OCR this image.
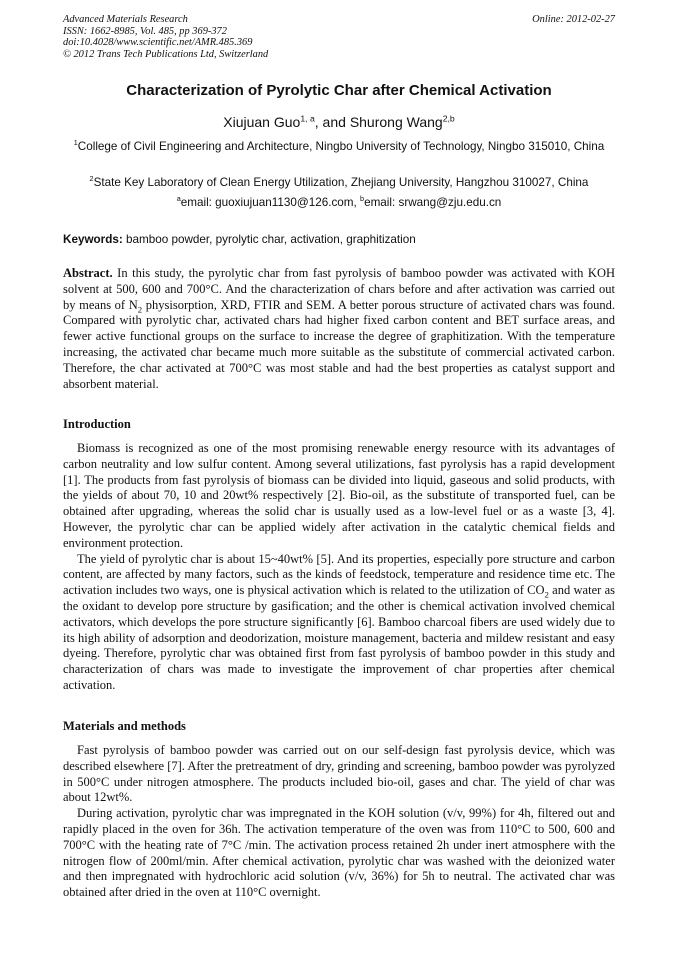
Advanced Materials Research
ISSN: 1662-8985, Vol. 485, pp 369-372
doi:10.4028/www.scientific.net/AMR.485.369
© 2012 Trans Tech Publications Ltd, Switzerland
Online: 2012-02-27
Characterization of Pyrolytic Char after Chemical Activation
Xiujuan Guo$^{1, a}$, and Shurong Wang$^{2,b}$
$^1$College of Civil Engineering and Architecture, Ningbo University of Technology, Ningbo 315010, China
$^2$State Key Laboratory of Clean Energy Utilization, Zhejiang University, Hangzhou 310027, China
$^a$email: guoxiujuan1130@126.com, $^b$email: srwang@zju.edu.cn
Keywords: bamboo powder, pyrolytic char, activation, graphitization

Abstract. In this study, the pyrolytic char from fast pyrolysis of bamboo powder was activated with KOH solvent at 500, 600 and 700°C. And the characterization of chars before and after activation was carried out by means of $N_2$ physisorption, XRD, FTIR and SEM. A better porous structure of activated chars was found. Compared with pyrolytic char, activated chars had higher fixed carbon content and BET surface areas, and fewer active functional groups on the surface to increase the degree of graphitization. With the temperature increasing, the activated char became much more suitable as the substitute of commercial activated carbon. Therefore, the char activated at 700°C was most stable and had the best properties as catalyst support and absorbent material.

Introduction

Biomass is recognized as one of the most promising renewable energy resource with its advantages of carbon neutrality and low sulfur content. Among several utilizations, fast pyrolysis has a rapid development [1]. The products from fast pyrolysis of biomass can be divided into liquid, gaseous and solid products, with the yields of about 70, 10 and 20wt% respectively [2]. Bio-oil, as the substitute of transported fuel, can be obtained after upgrading, whereas the solid char is usually used as a low-level fuel or as a waste [3, 4]. However, the pyrolytic char can be applied widely after activation in the catalytic chemical fields and environment protection.

The yield of pyrolytic char is about 15~40wt% [5]. And its properties, especially pore structure and carbon content, are affected by many factors, such as the kinds of feedstock, temperature and residence time etc. The activation includes two ways, one is physical activation which is related to the utilization of $CO_2$ and water as the oxidant to develop pore structure by gasification; and the other is chemical activation involved chemical activators, which develops the pore structure significantly [6]. Bamboo charcoal fibers are used widely due to its high ability of adsorption and deodorization, moisture management, bacteria and mildew resistant and easy dyeing. Therefore, pyrolytic char was obtained first from fast pyrolysis of bamboo powder in this study and characterization of chars was made to investigate the improvement of char properties after chemical activation.

Materials and methods

Fast pyrolysis of bamboo powder was carried out on our self-design fast pyrolysis device, which was described elsewhere [7]. After the pretreatment of dry, grinding and screening, bamboo powder was pyrolyzed in 500°C under nitrogen atmosphere. The products included bio-oil, gases and char. The yield of char was about 12wt%.

During activation, pyrolytic char was impregnated in the KOH solution (v/v, 99%) for 4h, filtered out and rapidly placed in the oven for 36h. The activation temperature of the oven was from 110°C to 500, 600 and 700°C with the heating rate of 7°C /min. The activation process retained 2h under inert atmosphere with the nitrogen flow of 200ml/min. After chemical activation, pyrolytic char was washed with the deionized water and then impregnated with hydrochloric acid solution (v/v, 36%) for 5h to neutral. The activated char was obtained after dried in the oven at 110°C overnight.
